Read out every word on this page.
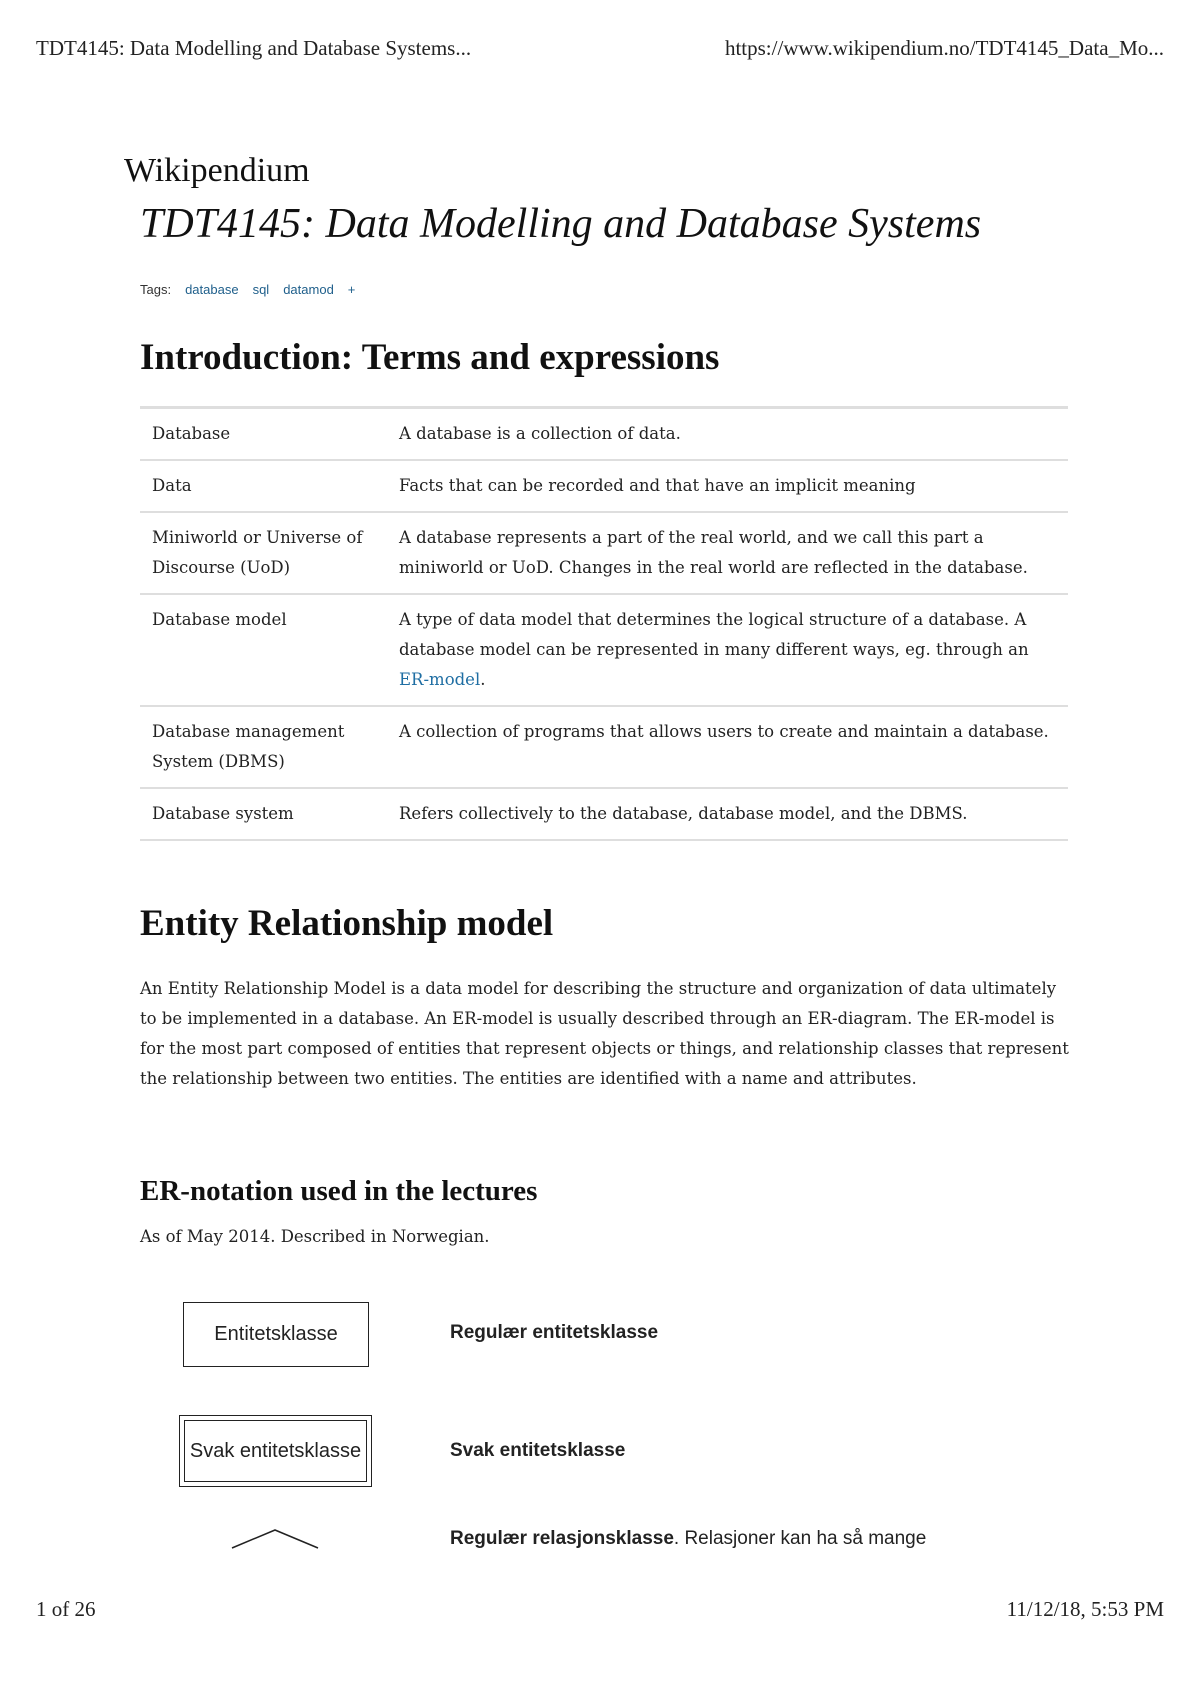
TDT4145: Data Modelling and Database Systems...	https://www.wikipendium.no/TDT4145_Data_Mo...
Wikipendium
TDT4145: Data Modelling and Database Systems
Tags: database sql datamod +
Introduction: Terms and expressions
Database	A database is a collection of data.
Data	Facts that can be recorded and that have an implicit meaning
Miniworld or Universe of Discourse (UoD)	A database represents a part of the real world, and we call this part a miniworld or UoD. Changes in the real world are reflected in the database.
Database model	A type of data model that determines the logical structure of a database. A database model can be represented in many different ways, eg. through an ER-model.
Database management System (DBMS)	A collection of programs that allows users to create and maintain a database.
Database system	Refers collectively to the database, database model, and the DBMS.
Entity Relationship model

An Entity Relationship Model is a data model for describing the structure and organization of data ultimately to be implemented in a database. An ER-model is usually described through an ER-diagram. The ER-model is for the most part composed of entities that represent objects or things, and relationship classes that represent the relationship between two entities. The entities are identified with a name and attributes.

ER-notation used in the lectures

As of May 2014. Described in Norwegian.

Entitetsklasse	Regulær entitetsklasse
Svak entitetsklasse	Svak entitetsklasse
Regulær relasjonsklasse. Relasjoner kan ha så mange
1 of 26	11/12/18, 5:53 PM
